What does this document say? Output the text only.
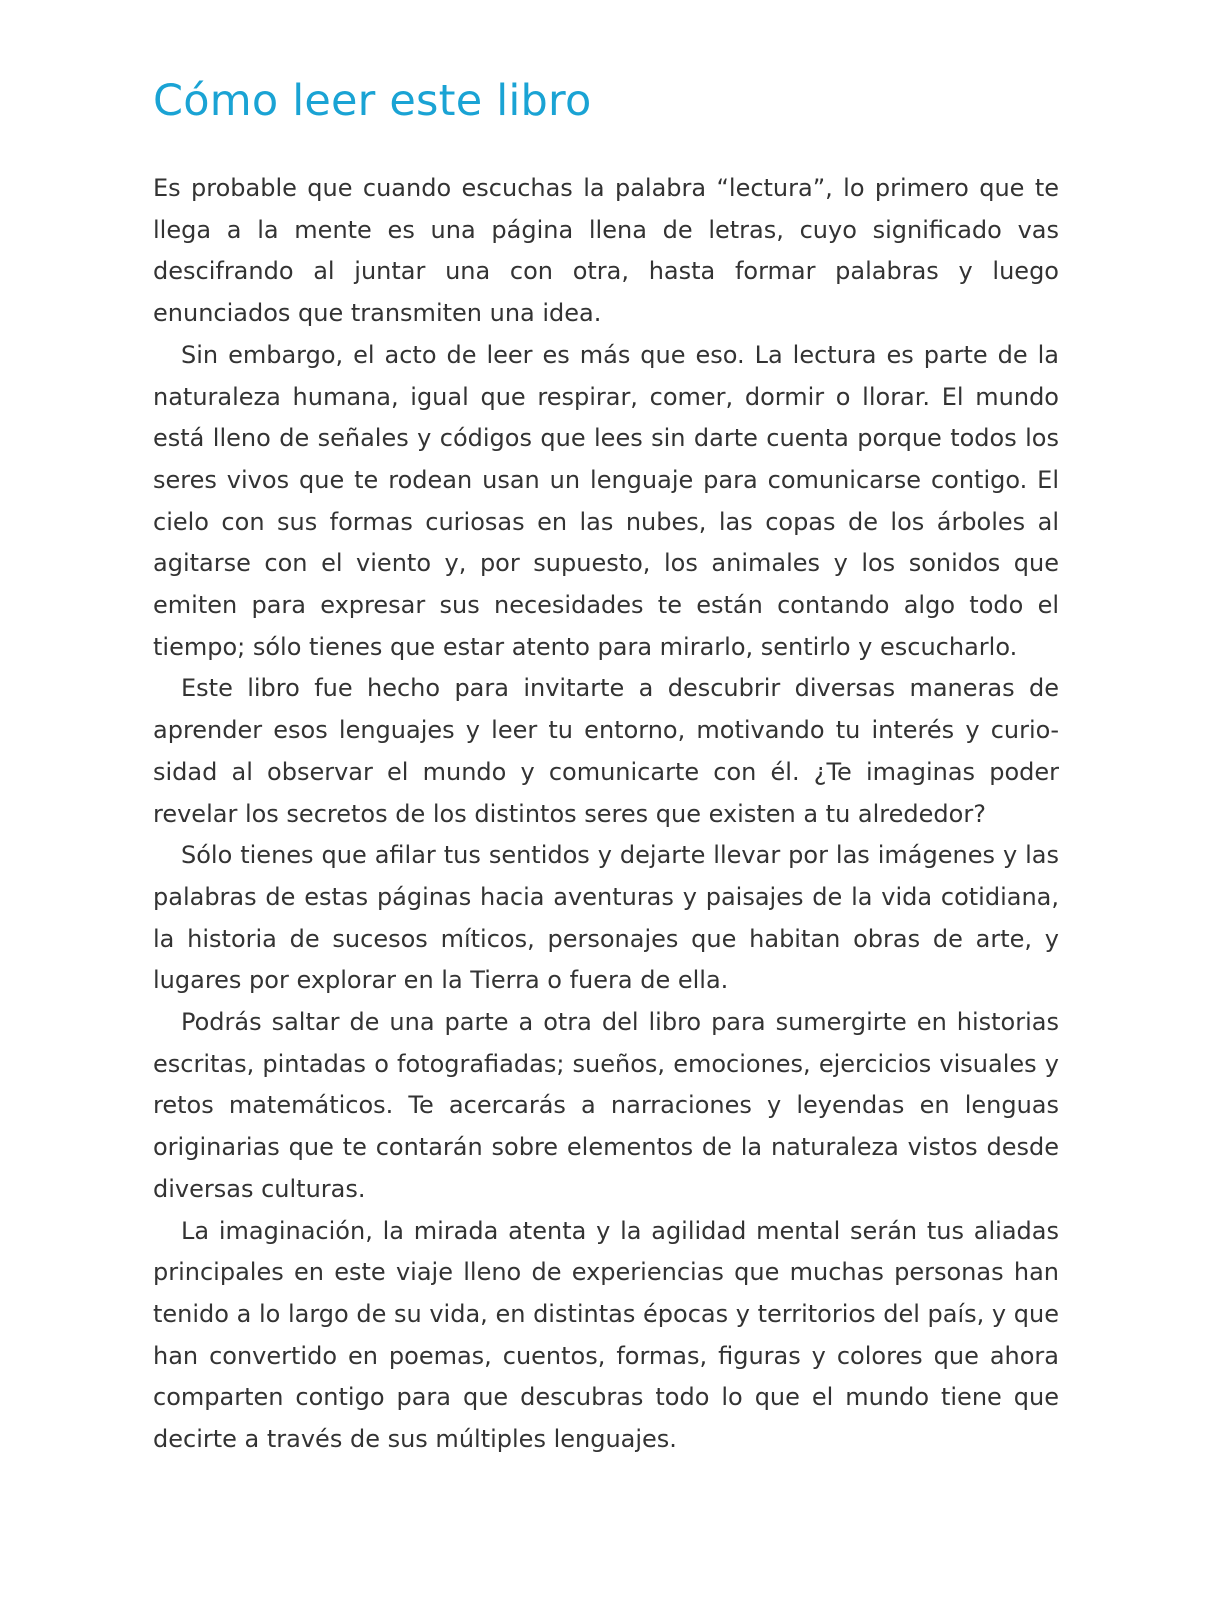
Cómo leer este libro

Es probable que cuando escuchas la palabra “lectura”, lo primero que te llega a la mente es una página llena de letras, cuyo significado vas descifrando al juntar una con otra, hasta formar palabras y luego enunciados que transmiten una idea.

Sin embargo, el acto de leer es más que eso. La lectura es parte de la naturaleza humana, igual que respirar, comer, dormir o llorar. El mundo está lleno de señales y códigos que lees sin darte cuenta porque todos los seres vivos que te rodean usan un lenguaje para comunicarse contigo. El cielo con sus formas curiosas en las nubes, las copas de los árboles al agitarse con el viento y, por supuesto, los animales y los sonidos que emiten para expresar sus necesidades te están contando algo todo el tiempo; sólo tienes que estar atento para mirarlo, sentirlo y escucharlo.

Este libro fue hecho para invitarte a descubrir diversas maneras de aprender esos lenguajes y leer tu entorno, motivando tu interés y curiosidad al observar el mundo y comunicarte con él. ¿Te imaginas poder revelar los secretos de los distintos seres que existen a tu alrededor?

Sólo tienes que afilar tus sentidos y dejarte llevar por las imágenes y las palabras de estas páginas hacia aventuras y paisajes de la vida cotidiana, la historia de sucesos míticos, personajes que habitan obras de arte, y lugares por explorar en la Tierra o fuera de ella.

Podrás saltar de una parte a otra del libro para sumergirte en historias escritas, pintadas o fotografiadas; sueños, emociones, ejercicios visuales y retos matemáticos. Te acercarás a narraciones y leyendas en lenguas originarias que te contarán sobre elementos de la naturaleza vistos desde diversas culturas.

La imaginación, la mirada atenta y la agilidad mental serán tus aliadas principales en este viaje lleno de experiencias que muchas personas han tenido a lo largo de su vida, en distintas épocas y territorios del país, y que han convertido en poemas, cuentos, formas, figuras y colores que ahora comparten contigo para que descubras todo lo que el mundo tiene que decirte a través de sus múltiples lenguajes.
